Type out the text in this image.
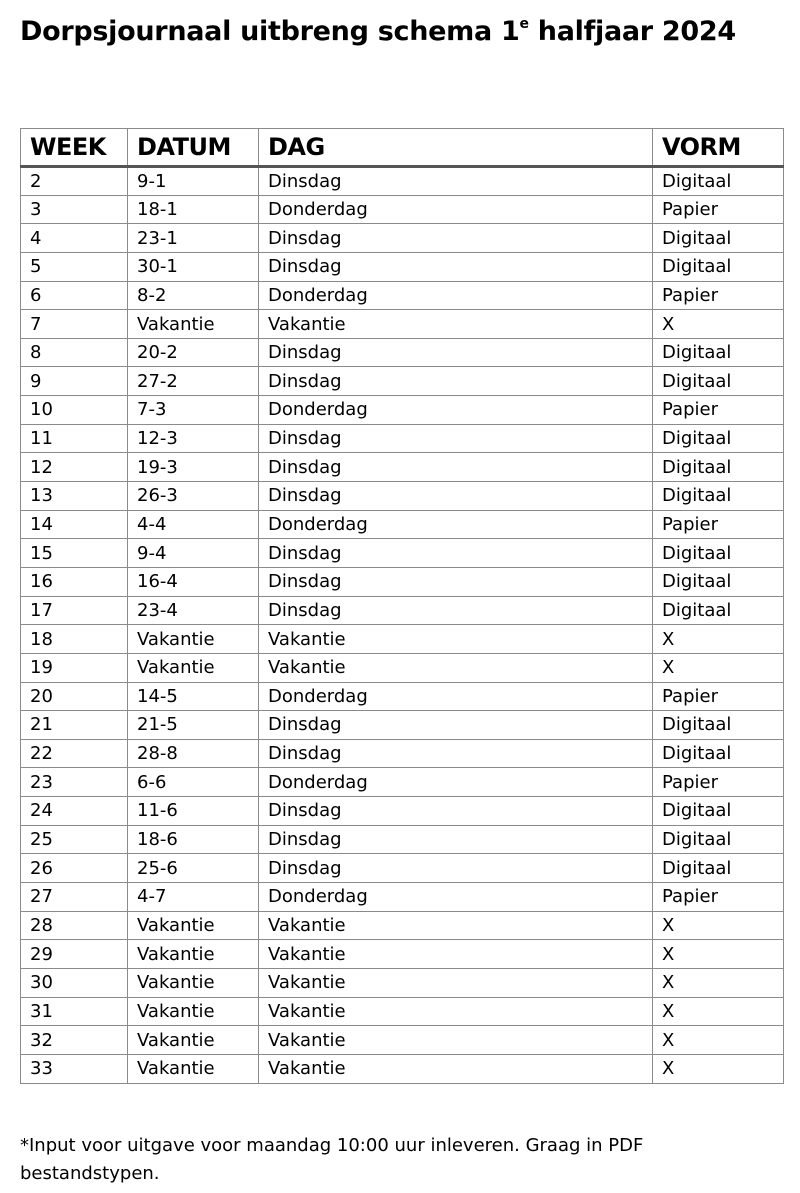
Dorpsjournaal uitbreng schema 1e halfjaar 2024
WEEK	DATUM	DAG	VORM
2	9-1	Dinsdag	Digitaal
3	18-1	Donderdag	Papier
4	23-1	Dinsdag	Digitaal
5	30-1	Dinsdag	Digitaal
6	8-2	Donderdag	Papier
7	Vakantie	Vakantie	X
8	20-2	Dinsdag	Digitaal
9	27-2	Dinsdag	Digitaal
10	7-3	Donderdag	Papier
11	12-3	Dinsdag	Digitaal
12	19-3	Dinsdag	Digitaal
13	26-3	Dinsdag	Digitaal
14	4-4	Donderdag	Papier
15	9-4	Dinsdag	Digitaal
16	16-4	Dinsdag	Digitaal
17	23-4	Dinsdag	Digitaal
18	Vakantie	Vakantie	X
19	Vakantie	Vakantie	X
20	14-5	Donderdag	Papier
21	21-5	Dinsdag	Digitaal
22	28-8	Dinsdag	Digitaal
23	6-6	Donderdag	Papier
24	11-6	Dinsdag	Digitaal
25	18-6	Dinsdag	Digitaal
26	25-6	Dinsdag	Digitaal
27	4-7	Donderdag	Papier
28	Vakantie	Vakantie	X
29	Vakantie	Vakantie	X
30	Vakantie	Vakantie	X
31	Vakantie	Vakantie	X
32	Vakantie	Vakantie	X
33	Vakantie	Vakantie	X

*Input voor uitgave voor maandag 10:00 uur inleveren. Graag in PDF bestandstypen.
